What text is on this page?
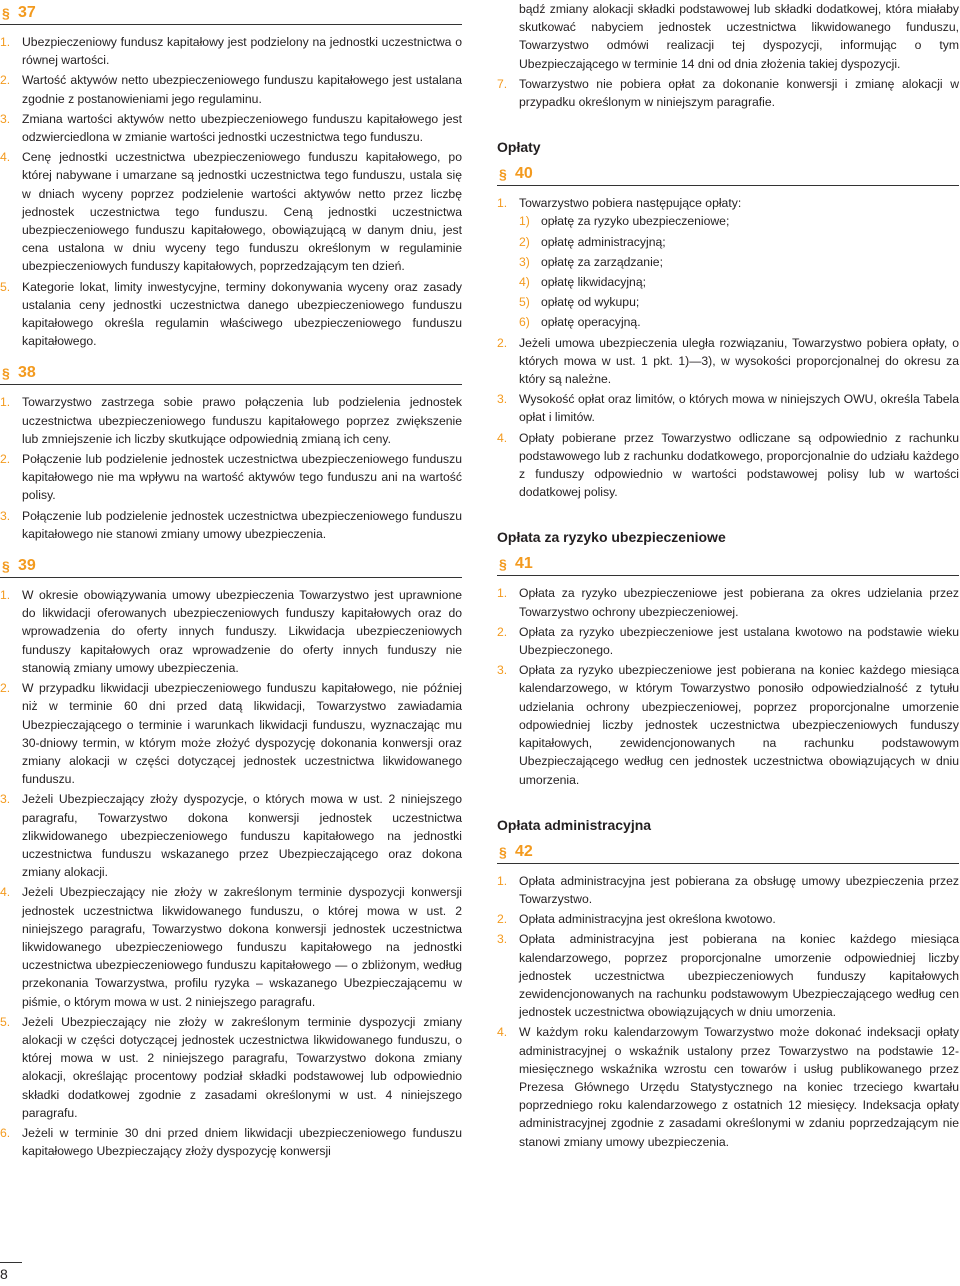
§ 37
1. Ubezpieczeniowy fundusz kapitałowy jest podzielony na jednostki uczestnictwa o równej wartości.
2. Wartość aktywów netto ubezpieczeniowego funduszu kapitałowego jest ustalana zgodnie z postanowieniami jego regulaminu.
3. Zmiana wartości aktywów netto ubezpieczeniowego funduszu kapitałowego jest odzwierciedlona w zmianie wartości jednostki uczestnictwa tego funduszu.
4. Cenę jednostki uczestnictwa ubezpieczeniowego funduszu kapitałowego, po której nabywane i umarzane są jednostki uczestnictwa tego funduszu, ustala się w dniach wyceny poprzez podzielenie wartości aktywów netto przez liczbę jednostek uczestnictwa tego funduszu. Ceną jednostki uczestnictwa ubezpieczeniowego funduszu kapitałowego, obowiązującą w danym dniu, jest cena ustalona w dniu wyceny tego funduszu określonym w regulaminie ubezpieczeniowych funduszy kapitałowych, poprzedzającym ten dzień.
5. Kategorie lokat, limity inwestycyjne, terminy dokonywania wyceny oraz zasady ustalania ceny jednostki uczestnictwa danego ubezpieczeniowego funduszu kapitałowego określa regulamin właściwego ubezpieczeniowego funduszu kapitałowego.
§ 38
1. Towarzystwo zastrzega sobie prawo połączenia lub podzielenia jednostek uczestnictwa ubezpieczeniowego funduszu kapitałowego poprzez zwiększenie lub zmniejszenie ich liczby skutkujące odpowiednią zmianą ich ceny.
2. Połączenie lub podzielenie jednostek uczestnictwa ubezpieczeniowego funduszu kapitałowego nie ma wpływu na wartość aktywów tego funduszu ani na wartość polisy.
3. Połączenie lub podzielenie jednostek uczestnictwa ubezpieczeniowego funduszu kapitałowego nie stanowi zmiany umowy ubezpieczenia.
§ 39
1. W okresie obowiązywania umowy ubezpieczenia Towarzystwo jest uprawnione do likwidacji oferowanych ubezpieczeniowych funduszy kapitałowych oraz do wprowadzenia do oferty innych funduszy. Likwidacja ubezpieczeniowych funduszy kapitałowych oraz wprowadzenie do oferty innych funduszy nie stanowią zmiany umowy ubezpieczenia.
2. W przypadku likwidacji ubezpieczeniowego funduszu kapitałowego, nie później niż w terminie 60 dni przed datą likwidacji, Towarzystwo zawiadamia Ubezpieczającego o terminie i warunkach likwidacji funduszu, wyznaczając mu 30-dniowy termin, w którym może złożyć dyspozycję dokonania konwersji oraz zmiany alokacji w części dotyczącej jednostek uczestnictwa likwidowanego funduszu.
3. Jeżeli Ubezpieczający złoży dyspozycje, o których mowa w ust. 2 niniejszego paragrafu, Towarzystwo dokona konwersji jednostek uczestnictwa zlikwidowanego ubezpieczeniowego funduszu kapitałowego na jednostki uczestnictwa funduszu wskazanego przez Ubezpieczającego oraz dokona zmiany alokacji.
4. Jeżeli Ubezpieczający nie złoży w zakreślonym terminie dyspozycji konwersji jednostek uczestnictwa likwidowanego funduszu, o której mowa w ust. 2 niniejszego paragrafu, Towarzystwo dokona konwersji jednostek uczestnictwa likwidowanego ubezpieczeniowego funduszu kapitałowego na jednostki uczestnictwa ubezpieczeniowego funduszu kapitałowego — o zbliżonym, według przekonania Towarzystwa, profilu ryzyka – wskazanego Ubezpieczającemu w piśmie, o którym mowa w ust. 2 niniejszego paragrafu.
5. Jeżeli Ubezpieczający nie złoży w zakreślonym terminie dyspozycji zmiany alokacji w części dotyczącej jednostek uczestnictwa likwidowanego funduszu, o której mowa w ust. 2 niniejszego paragrafu, Towarzystwo dokona zmiany alokacji, określając procentowy podział składki podstawowej lub odpowiednio składki dodatkowej zgodnie z zasadami określonymi w ust. 4 niniejszego paragrafu.
6. Jeżeli w terminie 30 dni przed dniem likwidacji ubezpieczeniowego funduszu kapitałowego Ubezpieczający złoży dyspozycję konwersji

bądź zmiany alokacji składki podstawowej lub składki dodatkowej, która miałaby skutkować nabyciem jednostek uczestnictwa likwidowanego funduszu, Towarzystwo odmówi realizacji tej dyspozycji, informując o tym Ubezpieczającego w terminie 14 dni od dnia złożenia takiej dyspozycji.

7. Towarzystwo nie pobiera opłat za dokonanie konwersji i zmianę alokacji w przypadku określonym w niniejszym paragrafie.

Opłaty

§ 40
1. Towarzystwo pobiera następujące opłaty:
1) opłatę za ryzyko ubezpieczeniowe;
2) opłatę administracyjną;
3) opłatę za zarządzanie;
4) opłatę likwidacyjną;
5) opłatę od wykupu;
6) opłatę operacyjną.
2. Jeżeli umowa ubezpieczenia uległa rozwiązaniu, Towarzystwo pobiera opłaty, o których mowa w ust. 1 pkt. 1)—3), w wysokości proporcjonalnej do okresu za który są należne.
3. Wysokość opłat oraz limitów, o których mowa w niniejszych OWU, określa Tabela opłat i limitów.
4. Opłaty pobierane przez Towarzystwo odliczane są odpowiednio z rachunku podstawowego lub z rachunku dodatkowego, proporcjonalnie do udziału każdego z funduszy odpowiednio w wartości podstawowej polisy lub w wartości dodatkowej polisy.

Opłata za ryzyko ubezpieczeniowe

§ 41
1. Opłata za ryzyko ubezpieczeniowe jest pobierana za okres udzielania przez Towarzystwo ochrony ubezpieczeniowej.
2. Opłata za ryzyko ubezpieczeniowe jest ustalana kwotowo na podstawie wieku Ubezpieczonego.
3. Opłata za ryzyko ubezpieczeniowe jest pobierana na koniec każdego miesiąca kalendarzowego, w którym Towarzystwo ponosiło odpowiedzialność z tytułu udzielania ochrony ubezpieczeniowej, poprzez proporcjonalne umorzenie odpowiedniej liczby jednostek uczestnictwa ubezpieczeniowych funduszy kapitałowych, zewidencjonowanych na rachunku podstawowym Ubezpieczającego według cen jednostek uczestnictwa obowiązujących w dniu umorzenia.

Opłata administracyjna

§ 42
1. Opłata administracyjna jest pobierana za obsługę umowy ubezpieczenia przez Towarzystwo.
2. Opłata administracyjna jest określona kwotowo.
3. Opłata administracyjna jest pobierana na koniec każdego miesiąca kalendarzowego, poprzez proporcjonalne umorzenie odpowiedniej liczby jednostek uczestnictwa ubezpieczeniowych funduszy kapitałowych zewidencjonowanych na rachunku podstawowym Ubezpieczającego według cen jednostek uczestnictwa obowiązujących w dniu umorzenia.
4. W każdym roku kalendarzowym Towarzystwo może dokonać indeksacji opłaty administracyjnej o wskaźnik ustalony przez Towarzystwo na podstawie 12-miesięcznego wskaźnika wzrostu cen towarów i usług publikowanego przez Prezesa Głównego Urzędu Statystycznego na koniec trzeciego kwartału poprzedniego roku kalendarzowego z ostatnich 12 miesięcy. Indeksacja opłaty administracyjnej zgodnie z zasadami określonymi w zdaniu poprzedzającym nie stanowi zmiany umowy ubezpieczenia.
8
